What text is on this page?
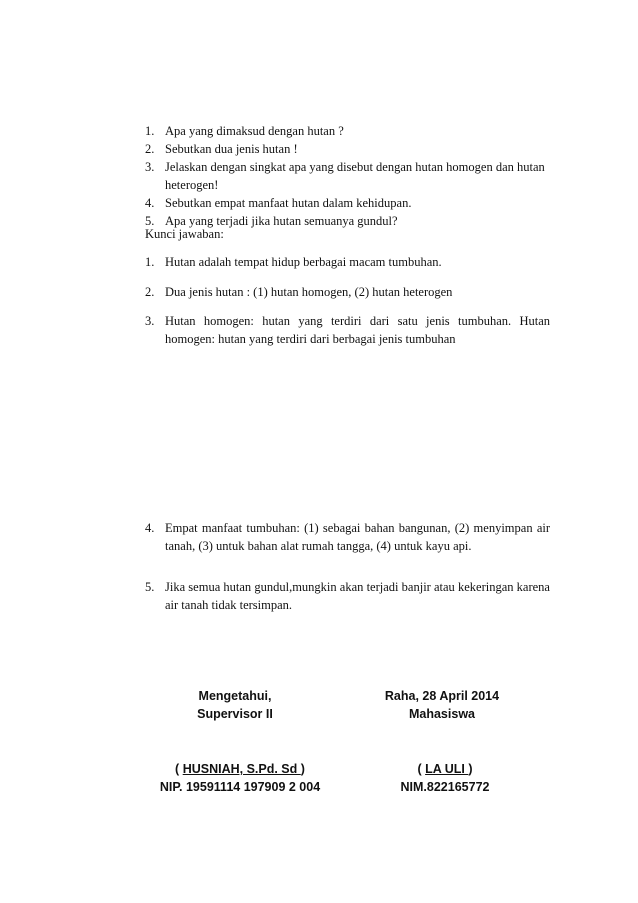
1. Apa yang dimaksud dengan hutan ?
2. Sebutkan dua jenis hutan !
3. Jelaskan dengan singkat apa yang disebut dengan hutan homogen dan hutan heterogen!
4. Sebutkan empat manfaat hutan dalam kehidupan.
5. Apa yang terjadi jika hutan semuanya gundul?
Kunci jawaban:
1. Hutan adalah tempat hidup berbagai macam tumbuhan.
2. Dua jenis hutan : (1) hutan homogen, (2) hutan heterogen
3. Hutan homogen: hutan yang terdiri dari satu jenis tumbuhan. Hutan homogen: hutan yang terdiri dari berbagai jenis tumbuhan
4. Empat manfaat tumbuhan: (1) sebagai bahan bangunan, (2) menyimpan air tanah, (3) untuk bahan alat rumah tangga, (4) untuk kayu api.
5. Jika semua hutan gundul,mungkin akan terjadi banjir atau kekeringan karena air tanah tidak tersimpan.
Mengetahui,
Supervisor II
Raha, 28 April 2014
Mahasiswa
( HUSNIAH, S.Pd. Sd )
NIP. 19591114 197909 2 004
( LA ULI )
NIM.822165772
